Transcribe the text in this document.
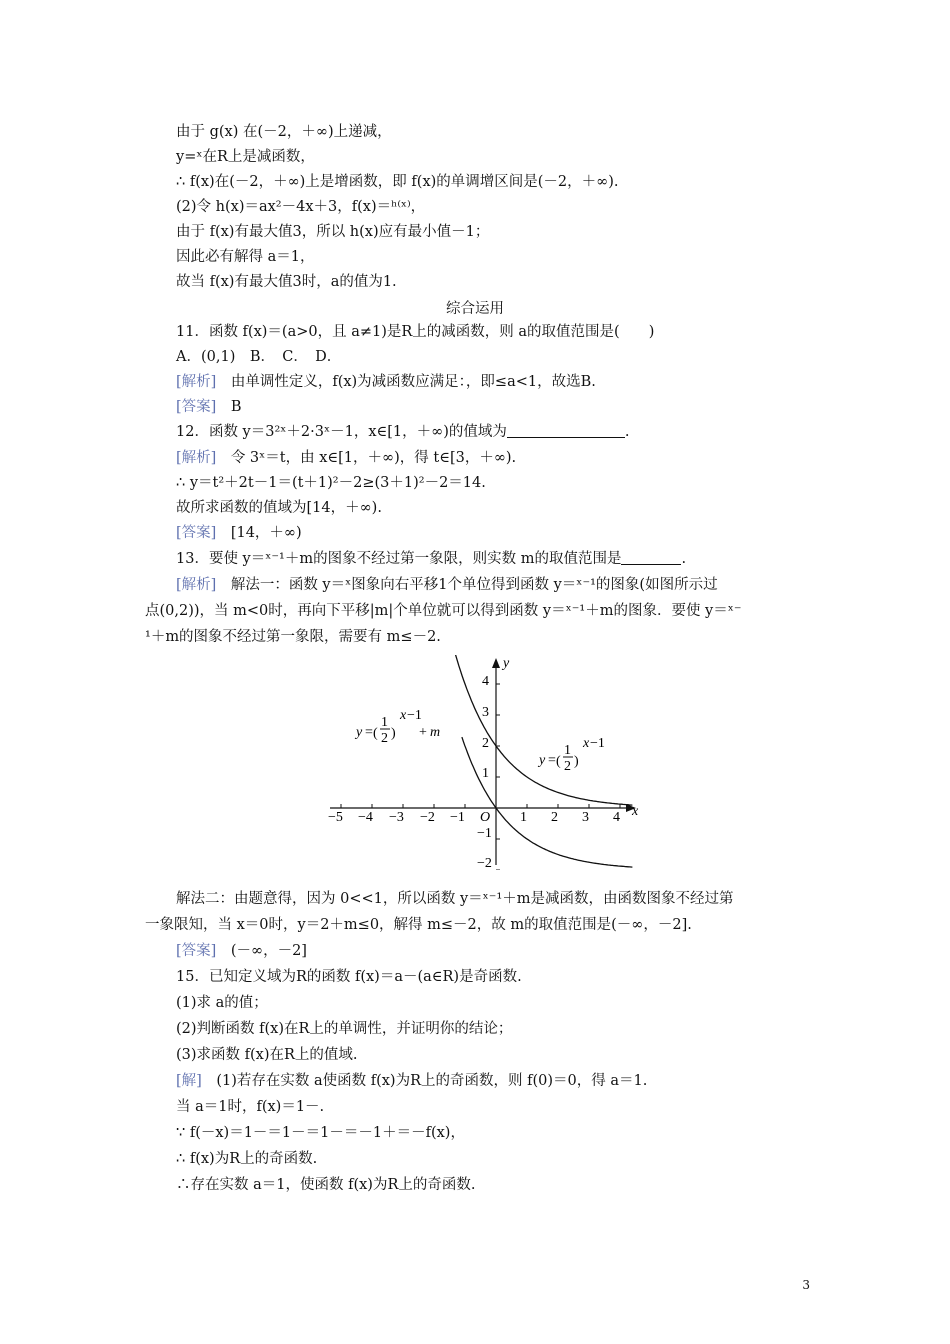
由于 g(x) 在(－2，＋∞)上递减，
y=ˣ在R上是减函数，
∴ f(x)在(－2，＋∞)上是增函数，即 f(x)的单调增区间是(－2，＋∞).
(2)令 h(x)＝ax²－4x＋3，f(x)＝ʰ⁽ˣ⁾，
由于 f(x)有最大值3，所以 h(x)应有最小值－1；
因此必有解得 a＝1，
故当 f(x)有最大值3时，a的值为1.
综合运用
11．函数 f(x)＝(a>0，且 a≠1)是R上的减函数，则 a的取值范围是(　　)
A．(0,1)　B．　C．　D．
[解析]　由单调性定义，f(x)为减函数应满足：，即≤a<1，故选B.
[答案]　B
12．函数 y＝3²ˣ＋2·3ˣ－1，x∈[1，＋∞)的值域为	.
[解析]　令 3ˣ＝t，由 x∈[1，＋∞)，得 t∈[3，＋∞).
∴ y＝t²＋2t－1＝(t＋1)²－2≥(3＋1)²－2＝14.
故所求函数的值域为[14，＋∞).
[答案]　[14，＋∞)
13．要使 y＝ˣ⁻¹＋m的图象不经过第一象限，则实数 m的取值范围是	.
[解析]　解法一：函数 y＝ˣ图象向右平移1个单位得到函数 y＝ˣ⁻¹的图象(如图所示过
点(0,2))，当 m<0时，再向下平移|m|个单位就可以得到函数 y＝ˣ⁻¹＋m的图象．要使 y＝ˣ⁻
¹＋m的图象不经过第一象限，需要有 m≤－2.
4
3
2
1
−1
−2
−3
−4
−5
4
3
2
1
−1
−2
O	x
y
y = (
1
2 )
x −1
+ m
y = (
1
2 )
x −1
解法二：由题意得，因为 0<<1，所以函数 y＝ˣ⁻¹＋m是减函数，由函数图象不经过第
一象限知，当 x＝0时，y＝2＋m≤0，解得 m≤－2，故 m的取值范围是(－∞，－2].
[答案]　(－∞，－2]
15．已知定义域为R的函数 f(x)＝a－(a∈R)是奇函数.
(1)求 a的值；
(2)判断函数 f(x)在R上的单调性，并证明你的结论；
(3)求函数 f(x)在R上的值域.
[解]　(1)若存在实数 a使函数 f(x)为R上的奇函数，则 f(0)＝0，得 a＝1.
当 a＝1时，f(x)＝1－.
∵ f(－x)＝1－＝1－＝1－＝－1＋＝－f(x)，
∴ f(x)为R上的奇函数.
∴存在实数 a＝1，使函数 f(x)为R上的奇函数.
3
